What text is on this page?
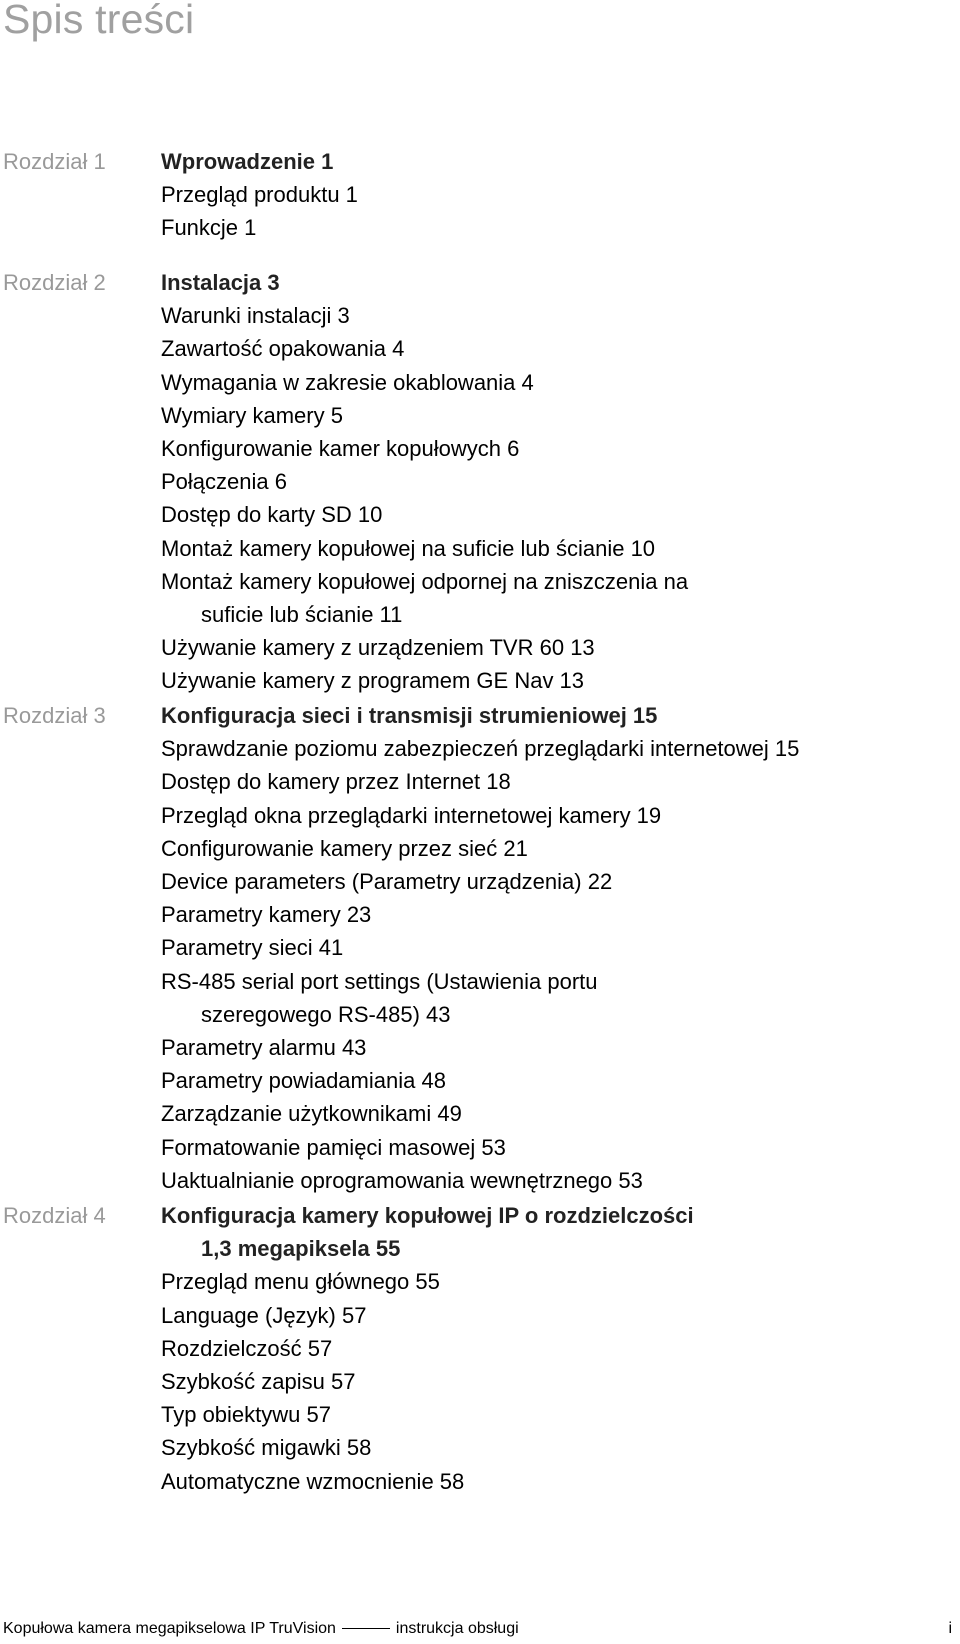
Spis treści
Rozdział 1	Wprowadzenie 1
Przegląd produktu 1
Funkcje 1
Rozdział 2	Instalacja 3
Warunki instalacji 3
Zawartość opakowania 4
Wymagania w zakresie okablowania 4
Wymiary kamery 5
Konfigurowanie kamer kopułowych 6
Połączenia 6
Dostęp do karty SD 10
Montaż kamery kopułowej na suficie lub ścianie 10
Montaż kamery kopułowej odpornej na zniszczenia na
suficie lub ścianie 11
Używanie kamery z urządzeniem TVR 60 13
Używanie kamery z programem GE Nav 13
Rozdział 3	Konfiguracja sieci i transmisji strumieniowej 15
Sprawdzanie poziomu zabezpieczeń przeglądarki internetowej 15
Dostęp do kamery przez Internet 18
Przegląd okna przeglądarki internetowej kamery 19
Configurowanie kamery przez sieć 21
Device parameters (Parametry urządzenia) 22
Parametry kamery 23
Parametry sieci 41
RS-485 serial port settings (Ustawienia portu
szeregowego RS-485) 43
Parametry alarmu 43
Parametry powiadamiania 48
Zarządzanie użytkownikami 49
Formatowanie pamięci masowej 53
Uaktualnianie oprogramowania wewnętrznego 53
Rozdział 4	Konfiguracja kamery kopułowej IP o rozdzielczości
1,3 megapiksela 55
Przegląd menu głównego 55
Language (Język) 57
Rozdzielczość 57
Szybkość zapisu 57
Typ obiektywu 57
Szybkość migawki 58
Automatyczne wzmocnienie 58
Kopułowa kamera megapikselowa IP TruVision	instrukcja obsługi	i
